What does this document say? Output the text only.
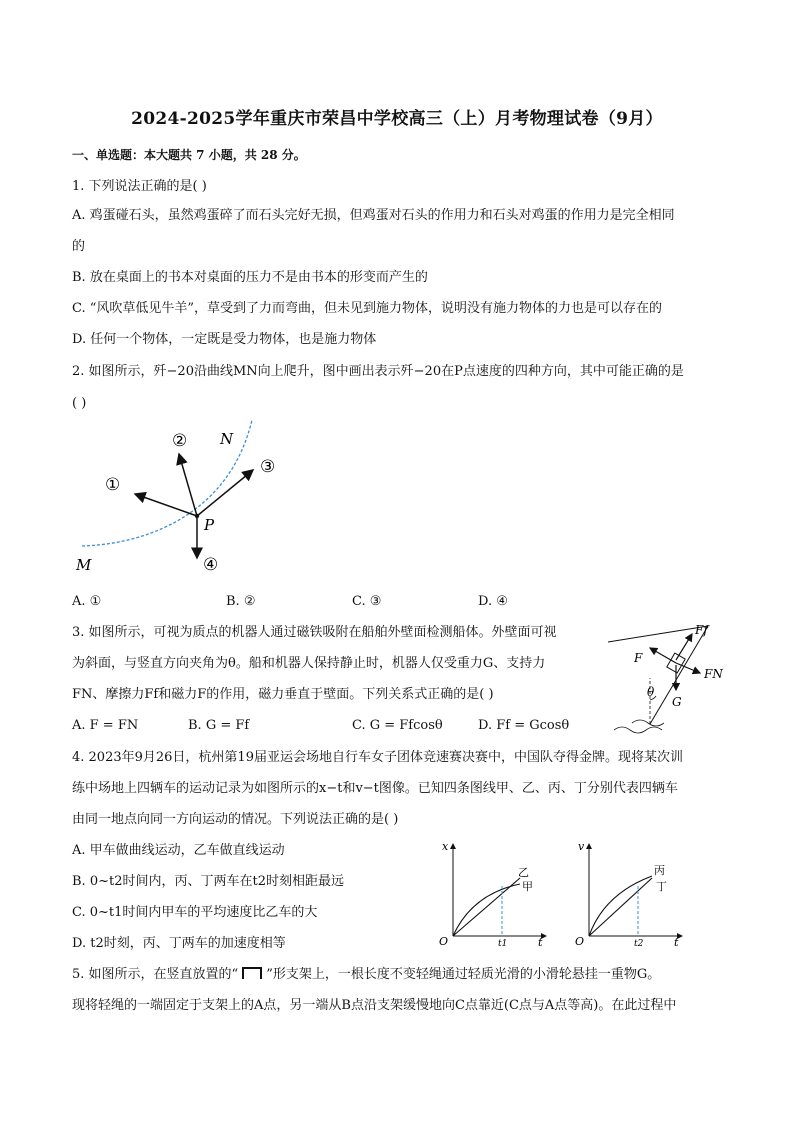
2024-2025学年重庆市荣昌中学校高三（上）月考物理试卷（9月）
一、单选题：本大题共 7 小题，共 28 分。
1. 下列说法正确的是( )
A. 鸡蛋碰石头，虽然鸡蛋碎了而石头完好无损，但鸡蛋对石头的作用力和石头对鸡蛋的作用力是完全相同
的
B. 放在桌面上的书本对桌面的压力不是由书本的形变而产生的
C. “风吹草低见牛羊”，草受到了力而弯曲，但未见到施力物体，说明没有施力物体的力也是可以存在的
D. 任何一个物体，一定既是受力物体，也是施力物体
2. 如图所示，歼−20沿曲线MN向上爬升，图中画出表示歼−20在P点速度的四种方向，其中可能正确的是
( )
①
②
③
④
M
N
P
A. ①	B. ②	C. ③	D. ④
3. 如图所示，可视为质点的机器人通过磁铁吸附在船舶外壁面检测船体。外壁面可视
为斜面，与竖直方向夹角为θ。船和机器人保持静止时，机器人仅受重力G、支持力
FN、摩擦力Ff和磁力F的作用，磁力垂直于壁面。下列关系式正确的是( )
A. F = FN	B. G = Ff	C. G = Ffcosθ	D. Ff = Gcosθ
Ff
F
FN
G
θ
4. 2023年9月26日，杭州第19届亚运会场地自行车女子团体竞速赛决赛中，中国队夺得金牌。现将某次训
练中场地上四辆车的运动记录为如图所示的x−t和v−t图像。已知四条图线甲、乙、丙、丁分别代表四辆车
由同一地点向同一方向运动的情况。下列说法正确的是( )
A. 甲车做曲线运动，乙车做直线运动
B. 0~t2时间内，丙、丁两车在t2时刻相距最远
C. 0~t1时间内甲车的平均速度比乙车的大
D. t2时刻，丙、丁两车的加速度相等
x
O	t
t1
乙
甲
v
O	t
t2
丙
丁
5. 如图所示，在竖直放置的“ ”形支架上，一根长度不变轻绳通过轻质光滑的小滑轮悬挂一重物G。
现将轻绳的一端固定于支架上的A点，另一端从B点沿支架缓慢地向C点靠近(C点与A点等高)。在此过程中
